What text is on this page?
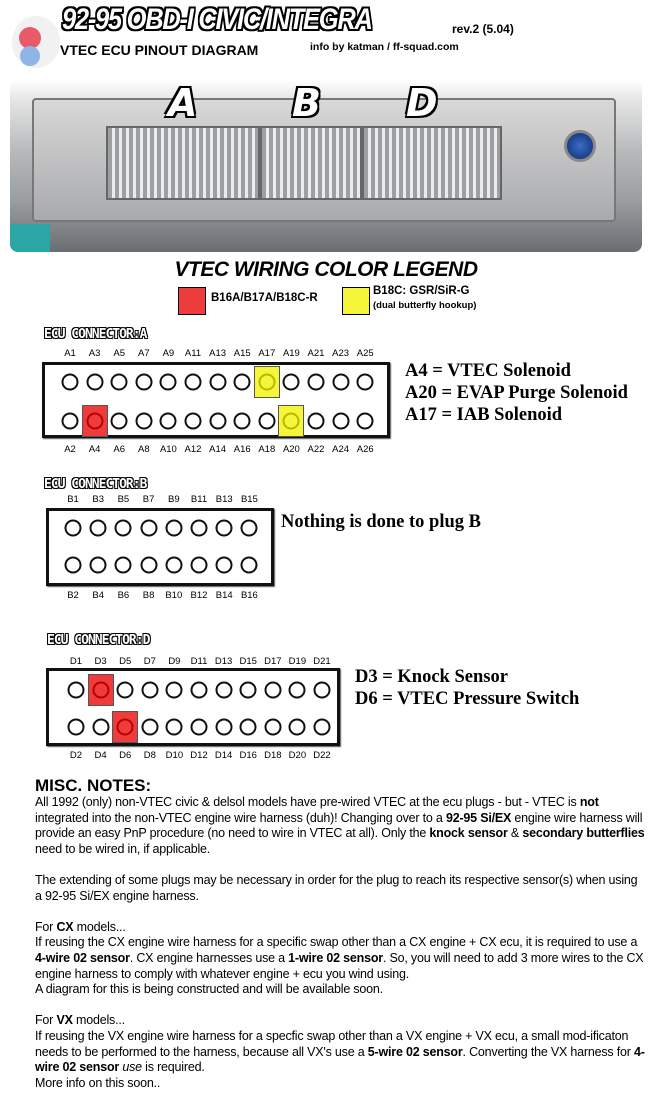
92-95 OBD-I CIVIC/INTEGRA	rev.2 (5.04)
VTEC ECU PINOUT DIAGRAM	info by katman / ff-squad.com
A B D
VTEC WIRING COLOR LEGEND
B16A/B17A/B18C-R
B18C: GSR/SiR-G
(dual butterfly hookup)
ECU CONNECTOR:A
A1 A3 A5 A7 A9 A11 A13 A15 A17 A19 A21 A23 A25
A2 A4 A6 A8 A10 A12 A14 A16 A18 A20 A22 A24 A26
A4 = VTEC Solenoid
A20 = EVAP Purge Solenoid
A17 = IAB Solenoid
ECU CONNECTOR:B
B1 B3 B5 B7 B9 B11 B13 B15
B2 B4 B6 B8 B10 B12 B14 B16
Nothing is done to plug B
ECU CONNECTOR:D
D1 D3 D5 D7 D9 D11 D13 D15 D17 D19 D21
D2 D4 D6 D8 D10 D12 D14 D16 D18 D20 D22
D3 = Knock Sensor
D6 = VTEC Pressure Switch
MISC. NOTES:

All 1992 (only) non-VTEC civic & delsol models have pre-wired VTEC at the ecu plugs - but - VTEC is not integrated into the non-VTEC engine wire harness (duh)! Changing over to a 92-95 Si/EX engine wire harness will provide an easy PnP procedure (no need to wire in VTEC at all). Only the knock sensor & secondary butterflies need to be wired in, if applicable.

The extending of some plugs may be necessary in order for the plug to reach its respective sensor(s) when using a 92-95 Si/EX engine harness.

For CX models...
If reusing the CX engine wire harness for a specific swap other than a CX engine + CX ecu, it is required to use a 4-wire 02 sensor. CX engine harnesses use a 1-wire 02 sensor. So, you will need to add 3 more wires to the CX engine harness to comply with whatever engine + ecu you wind using.
A diagram for this is being constructed and will be available soon.

For VX models...
If reusing the VX engine wire harness for a specfic swap other than a VX engine + VX ecu, a small mod-ificaton needs to be performed to the harness, because all VX's use a 5-wire 02 sensor. Converting the VX harness for 4-wire 02 sensor use is required.
More info on this soon..
